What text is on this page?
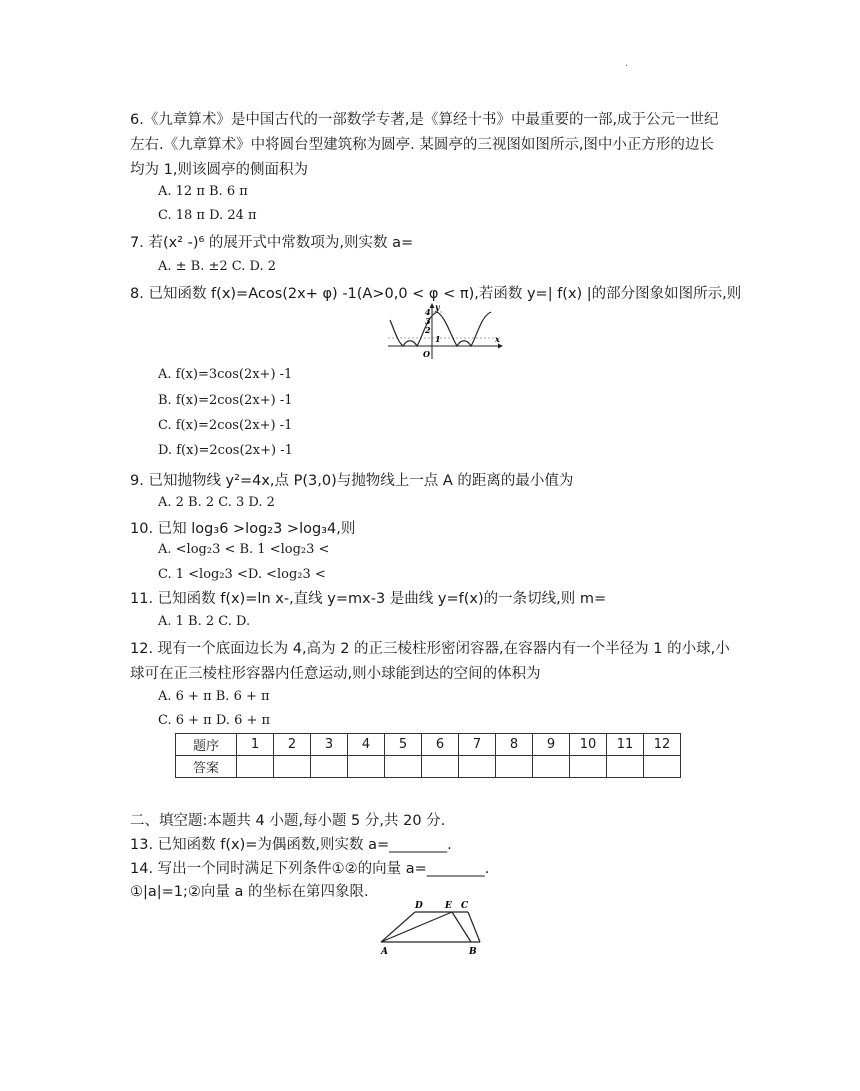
.
6.《九章算术》是中国古代的一部数学专著,是《算经十书》中最重要的一部,成于公元一世纪
左右.《九章算术》中将圆台型建筑称为圆亭. 某圆亭的三视图如图所示,图中小正方形的边长
均为 1,则该圆亭的侧面积为
A. 12 π B. 6 π
C. 18 π D. 24 π
7. 若(x² -)⁶ 的展开式中常数项为,则实数 a=
A. ± B. ±2 C. D. 2
8. 已知函数 f(x)=Acos(2x+ φ) -1(A>0,0 < φ < π),若函数 y=| f(x) |的部分图象如图所示,则
y
x
O
4
3
2
1
A. f(x)=3cos(2x+) -1
B. f(x)=2cos(2x+) -1
C. f(x)=2cos(2x+) -1
D. f(x)=2cos(2x+) -1
9. 已知抛物线 y²=4x,点 P(3,0)与抛物线上一点 A 的距离的最小值为
A. 2 B. 2 C. 3 D. 2
10. 已知 log₃6 >log₂3 >log₃4,则
A. <log₂3 < B. 1 <log₂3 <
C. 1 <log₂3 <D. <log₂3 <
11. 已知函数 f(x)=ln x-,直线 y=mx-3 是曲线 y=f(x)的一条切线,则 m=
A. 1 B. 2 C. D.
12. 现有一个底面边长为 4,高为 2 的正三棱柱形密闭容器,在容器内有一个半径为 1 的小球,小
球可在正三棱柱形容器内任意运动,则小球能到达的空间的体积为
A. 6 + π B. 6 + π
C. 6 + π D. 6 + π
题序	1	2	3	4	5	6	7	8	9	10	11	12
答案												
二、填空题:本题共 4 小题,每小题 5 分,共 20 分.
13. 已知函数 f(x)=为偶函数,则实数 a=________.
14. 写出一个同时满足下列条件①②的向量 a=________.
①|a|=1;②向量 a 的坐标在第四象限.
D E C
A	B
